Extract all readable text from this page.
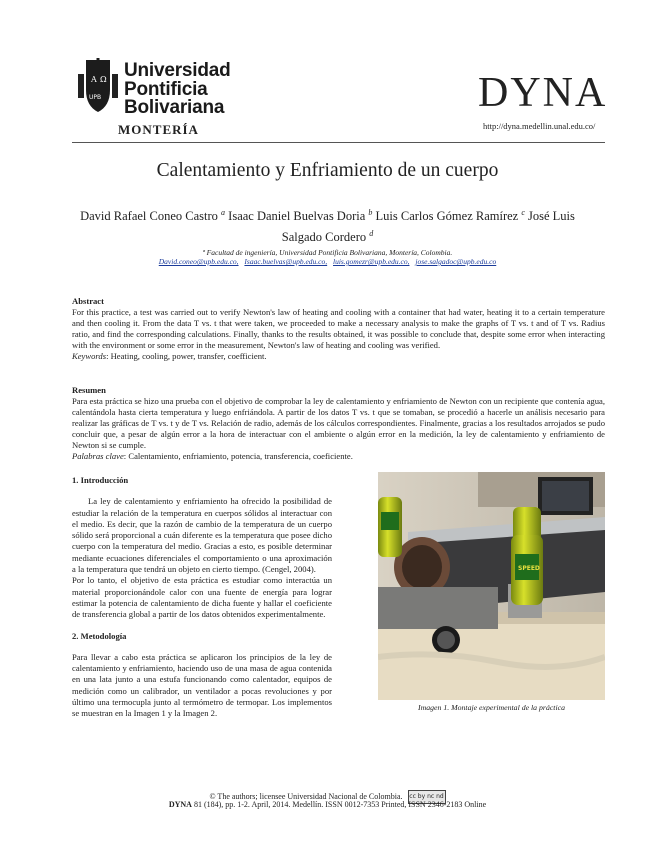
A Ω
UPB
Universidad
Pontificia
Bolivariana
MONTERÍA
DYNA
http://dyna.medellin.unal.edu.co/
Calentamiento y Enfriamiento de un cuerpo
David Rafael Coneo Castro $^a$ Isaac Daniel Buelvas Doria $^b$ Luis Carlos Gómez Ramírez $^c$ José Luis Salgado Cordero $^d$
ª Facultad de ingeniería, Universidad Pontificia Bolivariana, Montería, Colombia.
David.coneo@upb.edu.co, Isaac.buelvas@upb.edu.co, luis.gomezr@upb.edu.co, jose.salgadoc@upb.edu.co
Abstract
For this practice, a test was carried out to verify Newton's law of heating and cooling with a container that had water, heating it to a certain temperature and then cooling it. From the data T vs. t that were taken, we proceeded to make a necessary analysis to make the graphs of T vs. t and of T vs. Radius ratio, and find the corresponding calculations. Finally, thanks to the results obtained, it was possible to conclude that, despite some error when interacting with the environment or some error in the measurement, Newton's law of heating and cooling was verified.
Keywords: Heating, cooling, power, transfer, coefficient.
Resumen
Para esta práctica se hizo una prueba con el objetivo de comprobar la ley de calentamiento y enfriamiento de Newton con un recipiente que contenía agua, calentándola hasta cierta temperatura y luego enfriándola. A partir de los datos T vs. t que se tomaban, se procedió a hacerle un análisis necesario para realizar las gráficas de T vs. t y de T vs. Relación de radio, además de los cálculos correspondientes. Finalmente, gracias a los resultados arrojados se pudo concluir que, a pesar de algún error a la hora de interactuar con el ambiente o algún error en la medición, la ley de calentamiento y enfriamiento de Newton si se cumple.
Palabras clave: Calentamiento, enfriamiento, potencia, transferencia, coeficiente.

1. Introducción

La ley de calentamiento y enfriamiento ha ofrecido la posibilidad de estudiar la relación de la temperatura en cuerpos sólidos al interactuar con el medio. Es decir, que la razón de cambio de la temperatura de un cuerpo sólido será proporcional a cuán diferente es la temperatura que posee dicho cuerpo con la temperatura del medio. Gracias a esto, es posible determinar mediante ecuaciones diferenciales el comportamiento o una aproximación a la temperatura que tendrá un objeto en cierto tiempo. (Cengel, 2004).

Por lo tanto, el objetivo de esta práctica es estudiar como interactúa un material proporcionándole calor con una fuente de energía para lograr estimar la potencia de calentamiento de dicha fuente y hallar el coeficiente de transferencia global a partir de los datos obtenidos experimentalmente.

2. Metodología

Para llevar a cabo esta práctica se aplicaron los principios de la ley de calentamiento y enfriamiento, haciendo uso de una masa de agua contenida en una lata junto a una estufa funcionando como calentador, equipos de medición como un calibrador, un ventilador a pocas revoluciones y por último una termocupla junto al termómetro de termopar. Los implementos se muestran en la Imagen 1 y la Imagen 2.

SPEED
Imagen 1. Montaje experimental de la práctica
© The authors; licensee Universidad Nacional de Colombia. cc by nc nd
DYNA 81 (184), pp. 1-2. April, 2014. Medellín. ISSN 0012-7353 Printed, ISSN 2346-2183 Online
